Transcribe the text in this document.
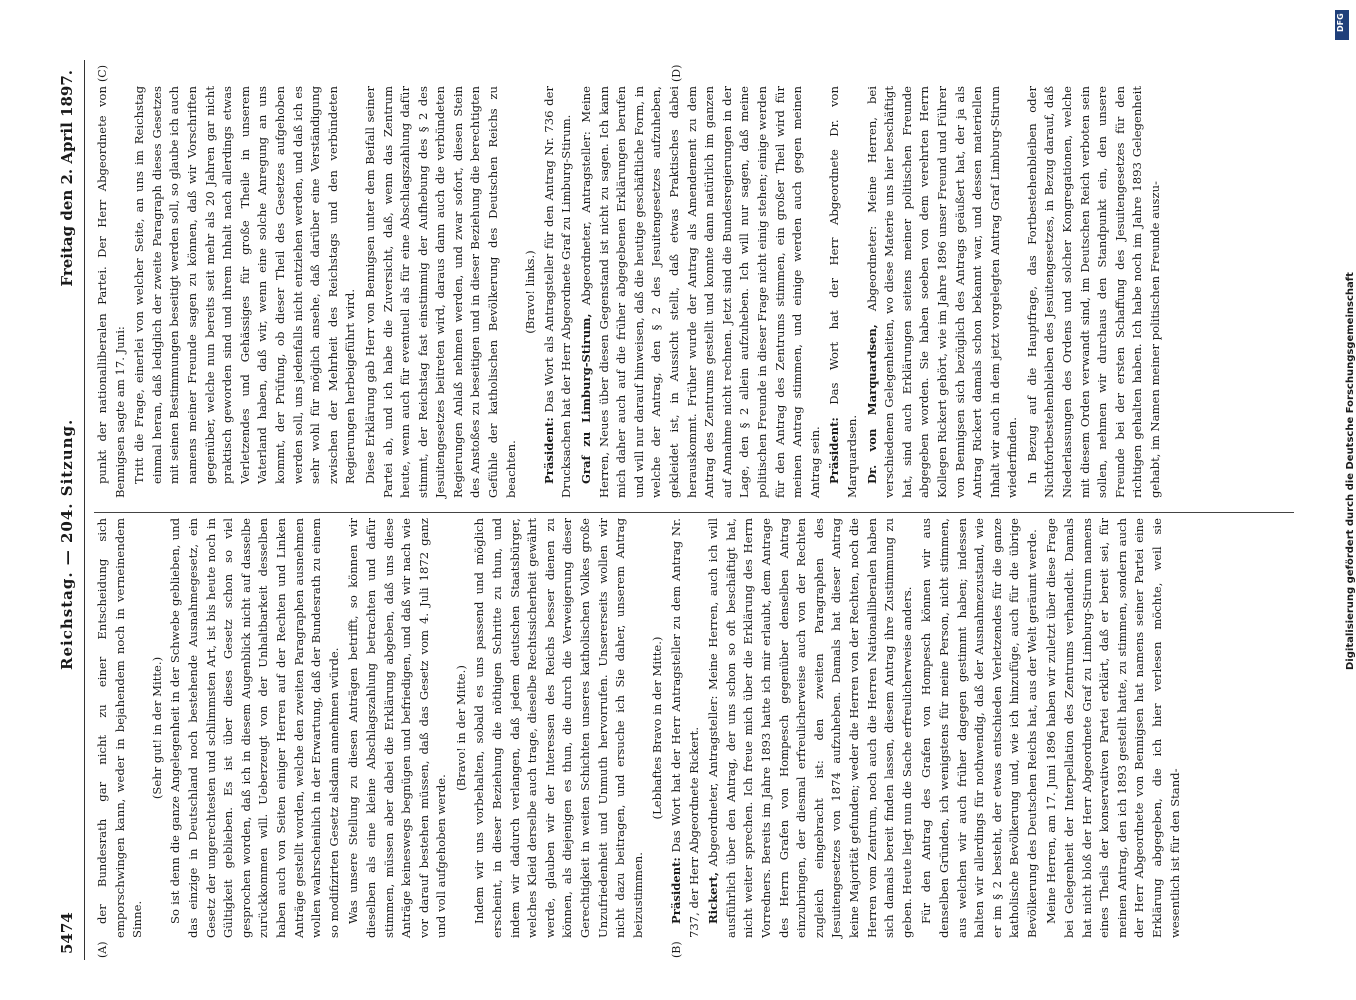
5474
Reichstag. — 204. Sitzung.
Freitag den 2. April 1897.
(A)	(B)
(C)	(D)

der Bundesrath gar nicht zu einer Entscheidung sich emporschwingen kann, weder in bejahendem noch in verneinendem Sinne.

(Sehr gut! in der Mitte.) So ist denn die ganze Angelegenheit in der Schwebe geblieben, und das einzige in Deutschland noch bestehende Ausnahmegesetz, ein Gesetz der ungerechtesten und schlimmsten Art, ist bis heute noch in Gültigkeit geblieben. Es ist über dieses Gesetz schon so viel gesprochen worden, daß ich in diesem Augenblick nicht auf dasselbe zurückkommen will. Ueberzeugt von der Unhaltbarkeit desselben haben auch von Seiten einiger Herren auf der Rechten und Linken Anträge gestellt worden, welche den zweiten Paragraphen ausnehmen wollen wahrscheinlich in der Erwartung, daß der Bundesrath zu einem so modifizirten Gesetz alsdann annehmen würde. Was unsere Stellung zu diesen Anträgen betrifft, so können wir dieselben als eine kleine Abschlagszahlung betrachten und dafür stimmen, müssen aber dabei die Erklärung abgeben, daß uns diese Anträge keineswegs begnügen und befriedigen, und daß wir nach wie vor darauf bestehen müssen, daß das Gesetz vom 4. Juli 1872 ganz und voll aufgehoben werde.

(Bravo! in der Mitte.) Indem wir uns vorbehalten, sobald es uns passend und möglich erscheint, in dieser Beziehung die nöthigen Schritte zu thun, und indem wir dadurch verlangen, daß jedem deutschen Staatsbürger, welches Kleid derselbe auch trage, dieselbe Rechtssicherheit gewährt werde, glauben wir der Interessen des Reichs besser dienen zu können, als diejenigen es thun, die durch die Verweigerung dieser Gerechtigkeit in weiten Schichten unseres katholischen Volkes große Unzufriedenheit und Unmuth hervorrufen. Unsererseits wollen wir nicht dazu beitragen, und ersuche ich Sie daher, unserem Antrag beizustimmen.

(Lebhaftes Bravo in der Mitte.)

Präsident: Das Wort hat der Herr Antragsteller zu dem Antrag Nr. 737, der Herr Abgeordnete Rickert. Rickert, Abgeordneter, Antragsteller: Meine Herren, auch ich will ausführlich über den Antrag, der uns schon so oft beschäftigt hat, nicht weiter sprechen. Ich freue mich über die Erklärung des Herrn Vorredners. Bereits im Jahre 1893 hatte ich mir erlaubt, dem Antrage des Herrn Grafen von Hompesch gegenüber denselben Antrag einzubringen, der diesmal erfreulicherweise auch von der Rechten zugleich eingebracht ist: den zweiten Paragraphen des Jesuitengesetzes von 1874 aufzuheben. Damals hat dieser Antrag keine Majorität gefunden; weder die Herren von der Rechten, noch die Herren vom Zentrum, noch auch die Herren Nationalliberalen haben sich damals bereit finden lassen, diesem Antrag ihre Zustimmung zu geben. Heute liegt nun die Sache erfreulicherweise anders. Für den Antrag des Grafen von Hompesch können wir aus denselben Gründen, ich wenigstens für meine Person, nicht stimmen, aus welchen wir auch früher dagegen gestimmt haben; indessen halten wir allerdings für nothwendig, daß der Ausnahmezustand, wie er im § 2 besteht, der etwas entschieden Verletzendes für die ganze katholische Bevölkerung und, wie ich hinzufüge, auch für die übrige Bevölkerung des Deutschen Reichs hat, aus der Welt geräumt werde. Meine Herren, am 17. Juni 1896 haben wir zuletzt über diese Frage bei Gelegenheit der Interpellation des Zentrums verhandelt. Damals hat nicht bloß der Herr Abgeordnete Graf zu Limburg-Stirum namens eines Theils der konservativen Partei erklärt, daß er bereit sei, für meinen Antrag, den ich 1893 gestellt hatte, zu stimmen, sondern auch der Herr Abgeordnete von Bennigsen hat namens seiner Partei eine Erklärung abgegeben, die ich hier verlesen möchte, weil sie wesentlich ist für den Stand-

punkt der nationalliberalen Partei. Der Herr Abgeordnete von Bennigsen sagte am 17. Juni: Tritt die Frage, einerlei von welcher Seite, an uns im Reichstag einmal heran, daß lediglich der zweite Paragraph dieses Gesetzes mit seinen Bestimmungen beseitigt werden soll, so glaube ich auch namens meiner Freunde sagen zu können, daß wir Vorschriften gegenüber, welche nun bereits seit mehr als 20 Jahren gar nicht praktisch geworden sind und ihrem Inhalt nach allerdings etwas Verletzendes und Gehässiges für große Theile in unserem Vaterland haben, daß wir, wenn eine solche Anregung an uns kommt, der Prüfung, ob dieser Theil des Gesetzes aufgehoben werden soll, uns jedenfalls nicht entziehen werden, und daß ich es sehr wohl für möglich ansehe, daß darüber eine Verständigung zwischen der Mehrheit des Reichstags und den verbündeten Regierungen herbeigeführt wird. Diese Erklärung gab Herr von Bennigsen unter dem Beifall seiner Partei ab, und ich habe die Zuversicht, daß, wenn das Zentrum heute, wenn auch für eventuell als für eine Abschlagszahlung dafür stimmt, der Reichstag fast einstimmig der Aufhebung des § 2 des Jesuitengesetzes beitreten wird, daraus dann auch die verbündeten Regierungen Anlaß nehmen werden, und zwar sofort, diesen Stein des Anstoßes zu beseitigen und in dieser Beziehung die berechtigten Gefühle der katholischen Bevölkerung des Deutschen Reichs zu beachten.

(Bravo! links.)

Präsident: Das Wort als Antragsteller für den Antrag Nr. 736 der Drucksachen hat der Herr Abgeordnete Graf zu Limburg-Stirum. Graf zu Limburg-Stirum, Abgeordneter, Antragsteller: Meine Herren, Neues über diesen Gegenstand ist nicht zu sagen. Ich kann mich daher auch auf die früher abgegebenen Erklärungen berufen und will nur darauf hinweisen, daß die heutige geschäftliche Form, in welche der Antrag, den § 2 des Jesuitengesetzes aufzuheben, gekleidet ist, in Aussicht stellt, daß etwas Praktisches dabei herauskommt. Früher wurde der Antrag als Amendement zu dem Antrag des Zentrums gestellt und konnte dann natürlich im ganzen auf Annahme nicht rechnen. Jetzt sind die Bundesregierungen in der Lage, den § 2 allein aufzuheben. Ich will nur sagen, daß meine politischen Freunde in dieser Frage nicht einig stehen; einige werden für den Antrag des Zentrums stimmen, ein großer Theil wird für meinen Antrag stimmen, und einige werden auch gegen meinen Antrag sein. Präsident: Das Wort hat der Herr Abgeordnete Dr. von Marquardsen. Dr. von Marquardsen, Abgeordneter: Meine Herren, bei verschiedenen Gelegenheiten, wo diese Materie uns hier beschäftigt hat, sind auch Erklärungen seitens meiner politischen Freunde abgegeben worden. Sie haben soeben von dem verehrten Herrn Kollegen Rickert gehört, wie im Jahre 1896 unser Freund und Führer von Bennigsen sich bezüglich des Antrags geäußert hat, der ja als Antrag Rickert damals schon bekannt war, und dessen materiellen Inhalt wir auch in dem jetzt vorgelegten Antrag Graf Limburg-Stirum wiederfinden. In Bezug auf die Hauptfrage, das Fortbestehenbleiben oder Nichtfortbestehenbleiben des Jesuitengesetzes, in Bezug darauf, daß Niederlassungen des Ordens und solcher Kongregationen, welche mit diesem Orden verwandt sind, im Deutschen Reich verboten sein sollen, nehmen wir durchaus den Standpunkt ein, den unsere Freunde bei der ersten Schaffung des Jesuitengesetzes für den richtigen gehalten haben. Ich habe noch im Jahre 1893 Gelegenheit gehabt, im Namen meiner politischen Freunde auszu-

DFG
Digitalisierung gefördert durch die Deutsche Forschungsgemeinschaft
